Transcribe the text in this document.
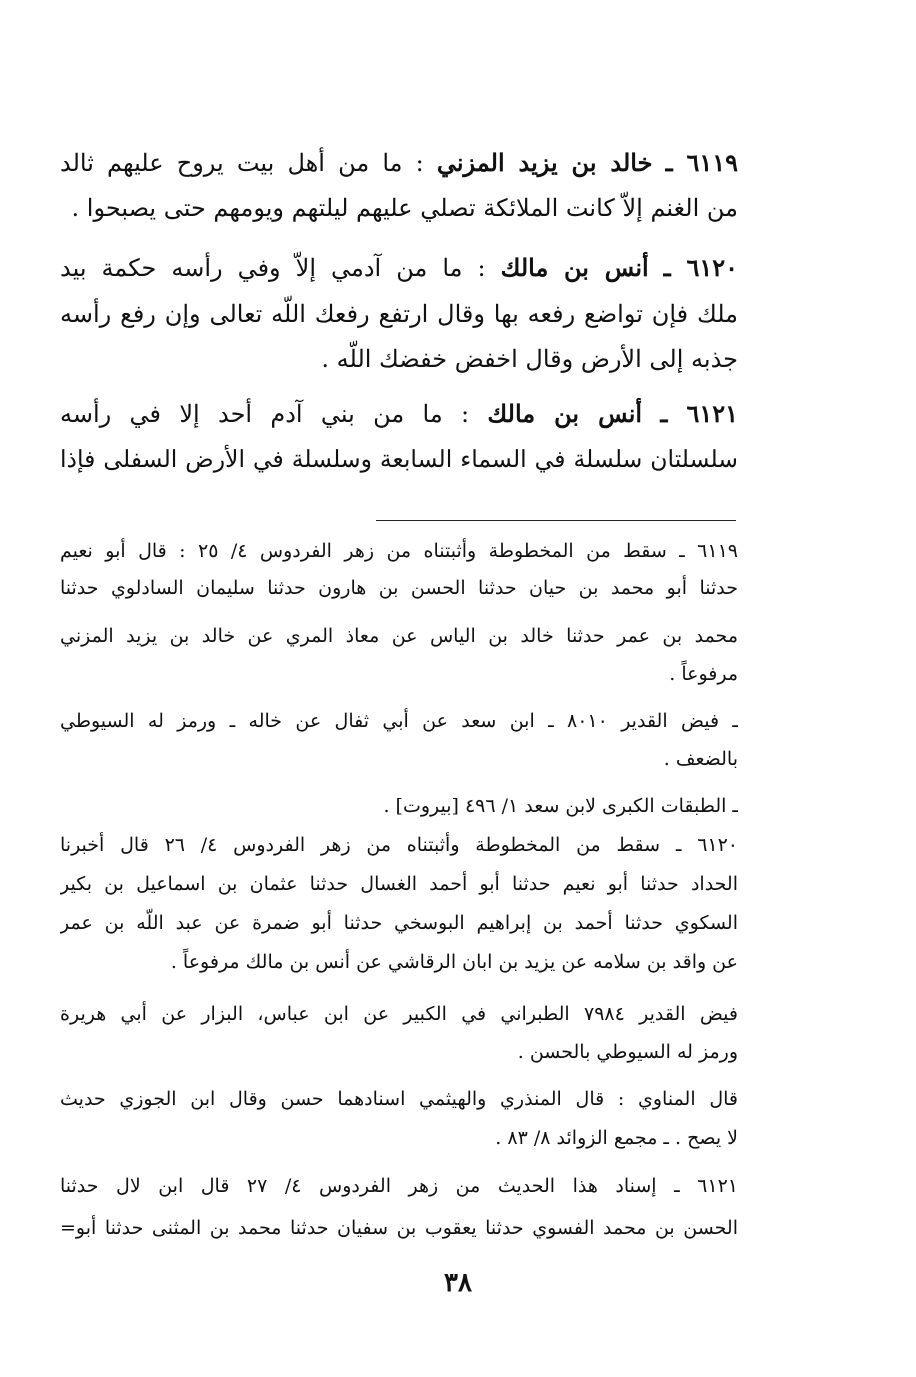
٦١١٩ ـ خالد بن يزيد المزني : ما من أهل بيت يروح عليهم ثالد
من الغنم إلاّ كانت الملائكة تصلي عليهم ليلتهم ويومهم حتى يصبحوا .
٦١٢٠ ـ أنس بن مالك : ما من آدمي إلاّ وفي رأسه حكمة بيد
ملك فإن تواضع رفعه بها وقال ارتفع رفعك اللّه تعالى وإن رفع رأسه
جذبه إلى الأرض وقال اخفض خفضك اللّه .
٦١٢١ ـ أنس بن مالك : ما من بني آدم أحد إلا في رأسه
سلسلتان سلسلة في السماء السابعة وسلسلة في الأرض السفلى فإذا
٦١١٩ ـ سقط من المخطوطة وأثبتناه من زهر الفردوس ٤/ ٢٥ : قال أبو نعيم
حدثنا أبو محمد بن حيان حدثنا الحسن بن هارون حدثنا سليمان السادلوي حدثنا
محمد بن عمر حدثنا خالد بن الياس عن معاذ المري عن خالد بن يزيد المزني
مرفوعاً .
ـ فيض القدير ٨٠١٠ ـ ابن سعد عن أبي ثفال عن خاله ـ ورمز له السيوطي
بالضعف .
ـ الطبقات الكبرى لابن سعد ١/ ٤٩٦ [بيروت] .
٦١٢٠ ـ سقط من المخطوطة وأثبتناه من زهر الفردوس ٤/ ٢٦ قال أخبرنا
الحداد حدثنا أبو نعيم حدثنا أبو أحمد الغسال حدثنا عثمان بن اسماعيل بن بكير
السكوي حدثنا أحمد بن إبراهيم البوسخي حدثنا أبو ضمرة عن عبد اللّه بن عمر
عن واقد بن سلامه عن يزيد بن ابان الرقاشي عن أنس بن مالك مرفوعاً .
فيض القدير ٧٩٨٤ الطبراني في الكبير عن ابن عباس، البزار عن أبي هريرة
ورمز له السيوطي بالحسن .
قال المناوي : قال المنذري والهيثمي اسنادهما حسن وقال ابن الجوزي حديث
لا يصح . ـ مجمع الزوائد ٨/ ٨٣ .
٦١٢١ ـ إسناد هذا الحديث من زهر الفردوس ٤/ ٢٧ قال ابن لال حدثنا
الحسن بن محمد الفسوي حدثنا يعقوب بن سفيان حدثنا محمد بن المثنى حدثنا أبو=
٣٨
